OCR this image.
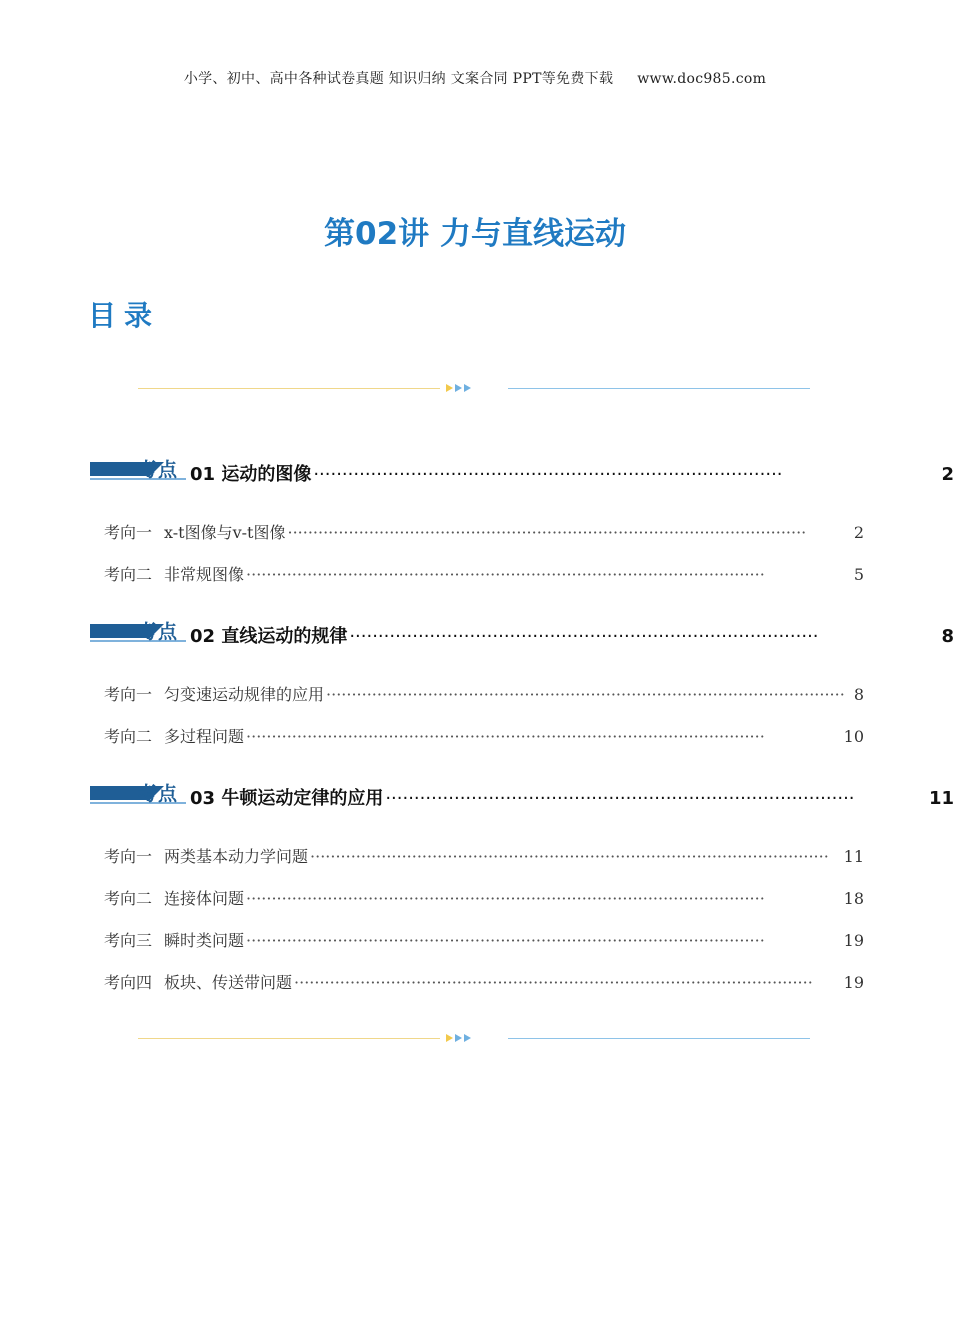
小学、初中、高中各种试卷真题 知识归纳 文案合同 PPT等免费下载 www.doc985.com
第02讲 力与直线运动
目录
考点 01 运动的图像 ··················································································	2
考向一 x-t图像与v-t图像 ······································································································	2
考向二 非常规图像 ······································································································	5
考点 02 直线运动的规律 ··················································································	8
考向一 匀变速运动规律的应用 ······································································································ 8
考向二 多过程问题 ······································································································	10
考点 03 牛顿运动定律的应用 ··················································································	11
考向一 两类基本动力学问题 ······································································································ 11
考向二 连接体问题 ······································································································	18
考向三 瞬时类问题 ······································································································	19
考向四 板块、传送带问题 ······································································································	19
